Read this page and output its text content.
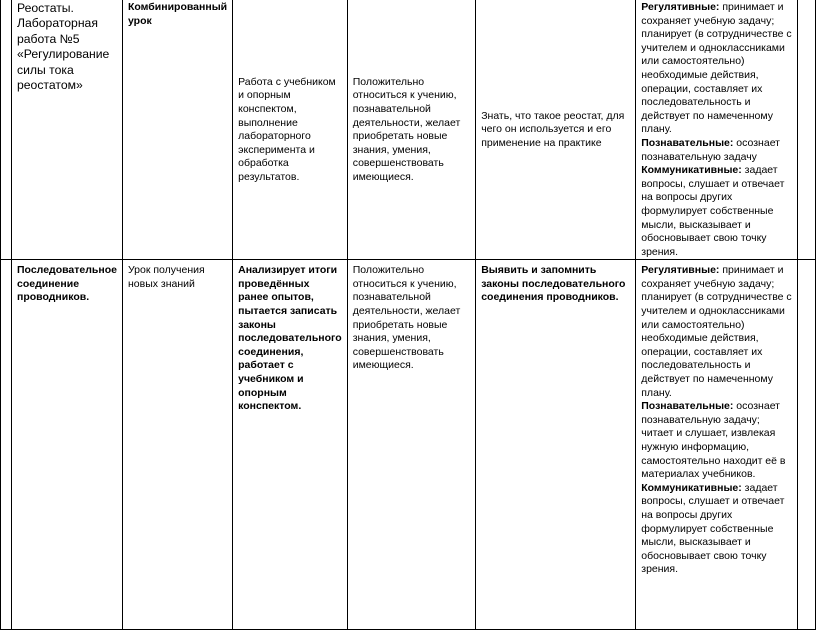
	Реостаты. Лабораторная работа №5 «Регулирование силы тока реостатом»	Комбинированный урок	Работа с учебником и опорным конспектом, выполнение лабораторного эксперимента и обработка результатов.	Положительно относиться к учению, познавательной деятельности, желает приобретать новые знания, умения, совершенствовать имеющиеся.	Знать, что такое реостат, для чего он используется и его применение на практике	Регулятивные: принимает и сохраняет учебную задачу; планирует (в сотрудничестве с учителем и одноклассниками или самостоятельно) необходимые действия, операции, составляет их последовательность и действует по намеченному плану.
Познавательные: осознает познавательную задачу
Коммуникативные: задает вопросы, слушает и отвечает на вопросы других формулирует собственные мысли, высказывает и обосновывает свою точку зрения.	

	Последовательное соединение проводников.	Урок получения новых знаний	Анализирует итоги проведённых ранее опытов, пытается записать законы последовательного соединения, работает с учебником и опорным конспектом.	Положительно относиться к учению, познавательной деятельности, желает приобретать новые знания, умения, совершенствовать имеющиеся.	Выявить и запомнить законы последовательного соединения проводников.	Регулятивные: принимает и сохраняет учебную задачу; планирует (в сотрудничестве с учителем и одноклассниками или самостоятельно) необходимые действия, операции, составляет их последовательность и действует по намеченному плану.
Познавательные: осознает познавательную задачу; читает и слушает, извлекая нужную информацию, самостоятельно находит её в материалах учебников.
Коммуникативные: задает вопросы, слушает и отвечает на вопросы других формулирует собственные мысли, высказывает и обосновывает свою точку зрения.	
